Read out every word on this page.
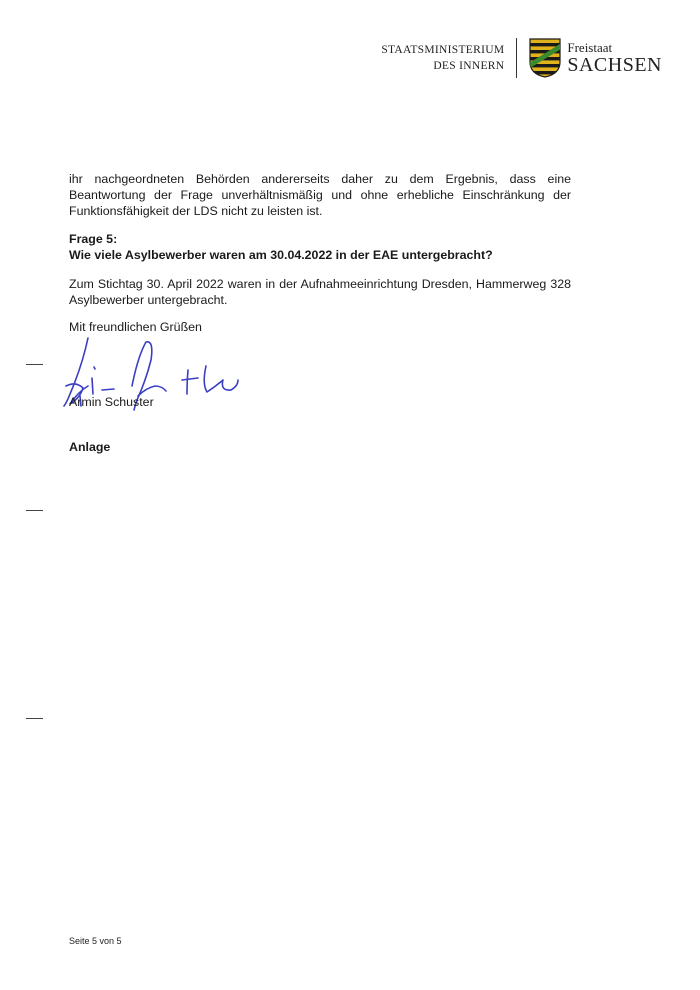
STAATSMINISTERIUM
DES INNERN
Freistaat
SACHSEN
ihr nachgeordneten Behörden andererseits daher zu dem Ergebnis, dass eine Beantwortung der Frage unverhältnismäßig und ohne erhebliche Einschränkung der Funktionsfähigkeit der LDS nicht zu leisten ist.
Frage 5:
Wie viele Asylbewerber waren am 30.04.2022 in der EAE untergebracht?
Zum Stichtag 30. April 2022 waren in der Aufnahmeeinrichtung Dresden, Hammerweg 328 Asylbewerber untergebracht.
Mit freundlichen Grüßen
Armin Schuster
Anlage
Seite 5 von 5
